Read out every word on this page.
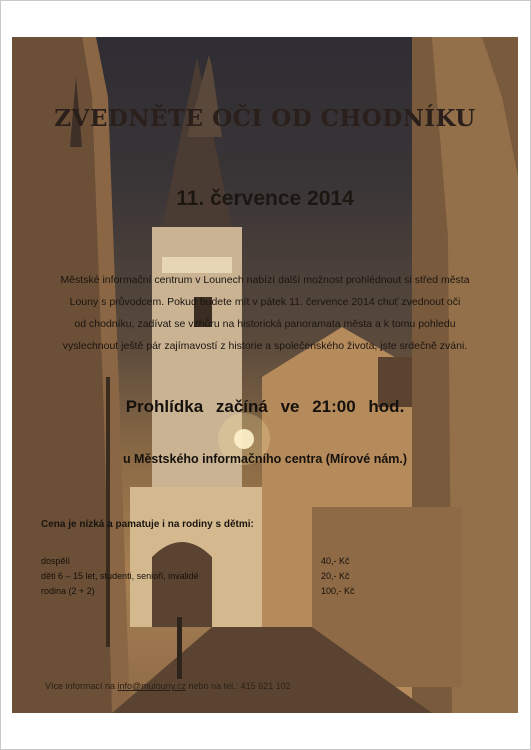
ZVEDNĚTE OČI OD CHODNÍKU
11. července 2014
Městské informační centrum v Lounech nabízí další možnost prohlédnout si střed města
Louny s průvodcem. Pokud budete mít v pátek 11. července 2014 chuť zvednout oči
od chodníku, zadívat se vzhůru na historická panoramata města a k tomu pohledu
vyslechnout ještě pár zajímavostí z historie a společenského života, jste srdečně zváni.
Prohlídka začíná ve 21:00 hod.
u Městského informačního centra (Mírové nám.)
Cena je nízká a pamatuje i na rodiny s dětmi:
dospělí	40,- Kč
děti 6 – 15 let, studenti, senioři, invalidé	20,- Kč
rodina (2 + 2)	100,- Kč
Více informací na info@mulouny.cz nebo na tel.: 415 621 102
